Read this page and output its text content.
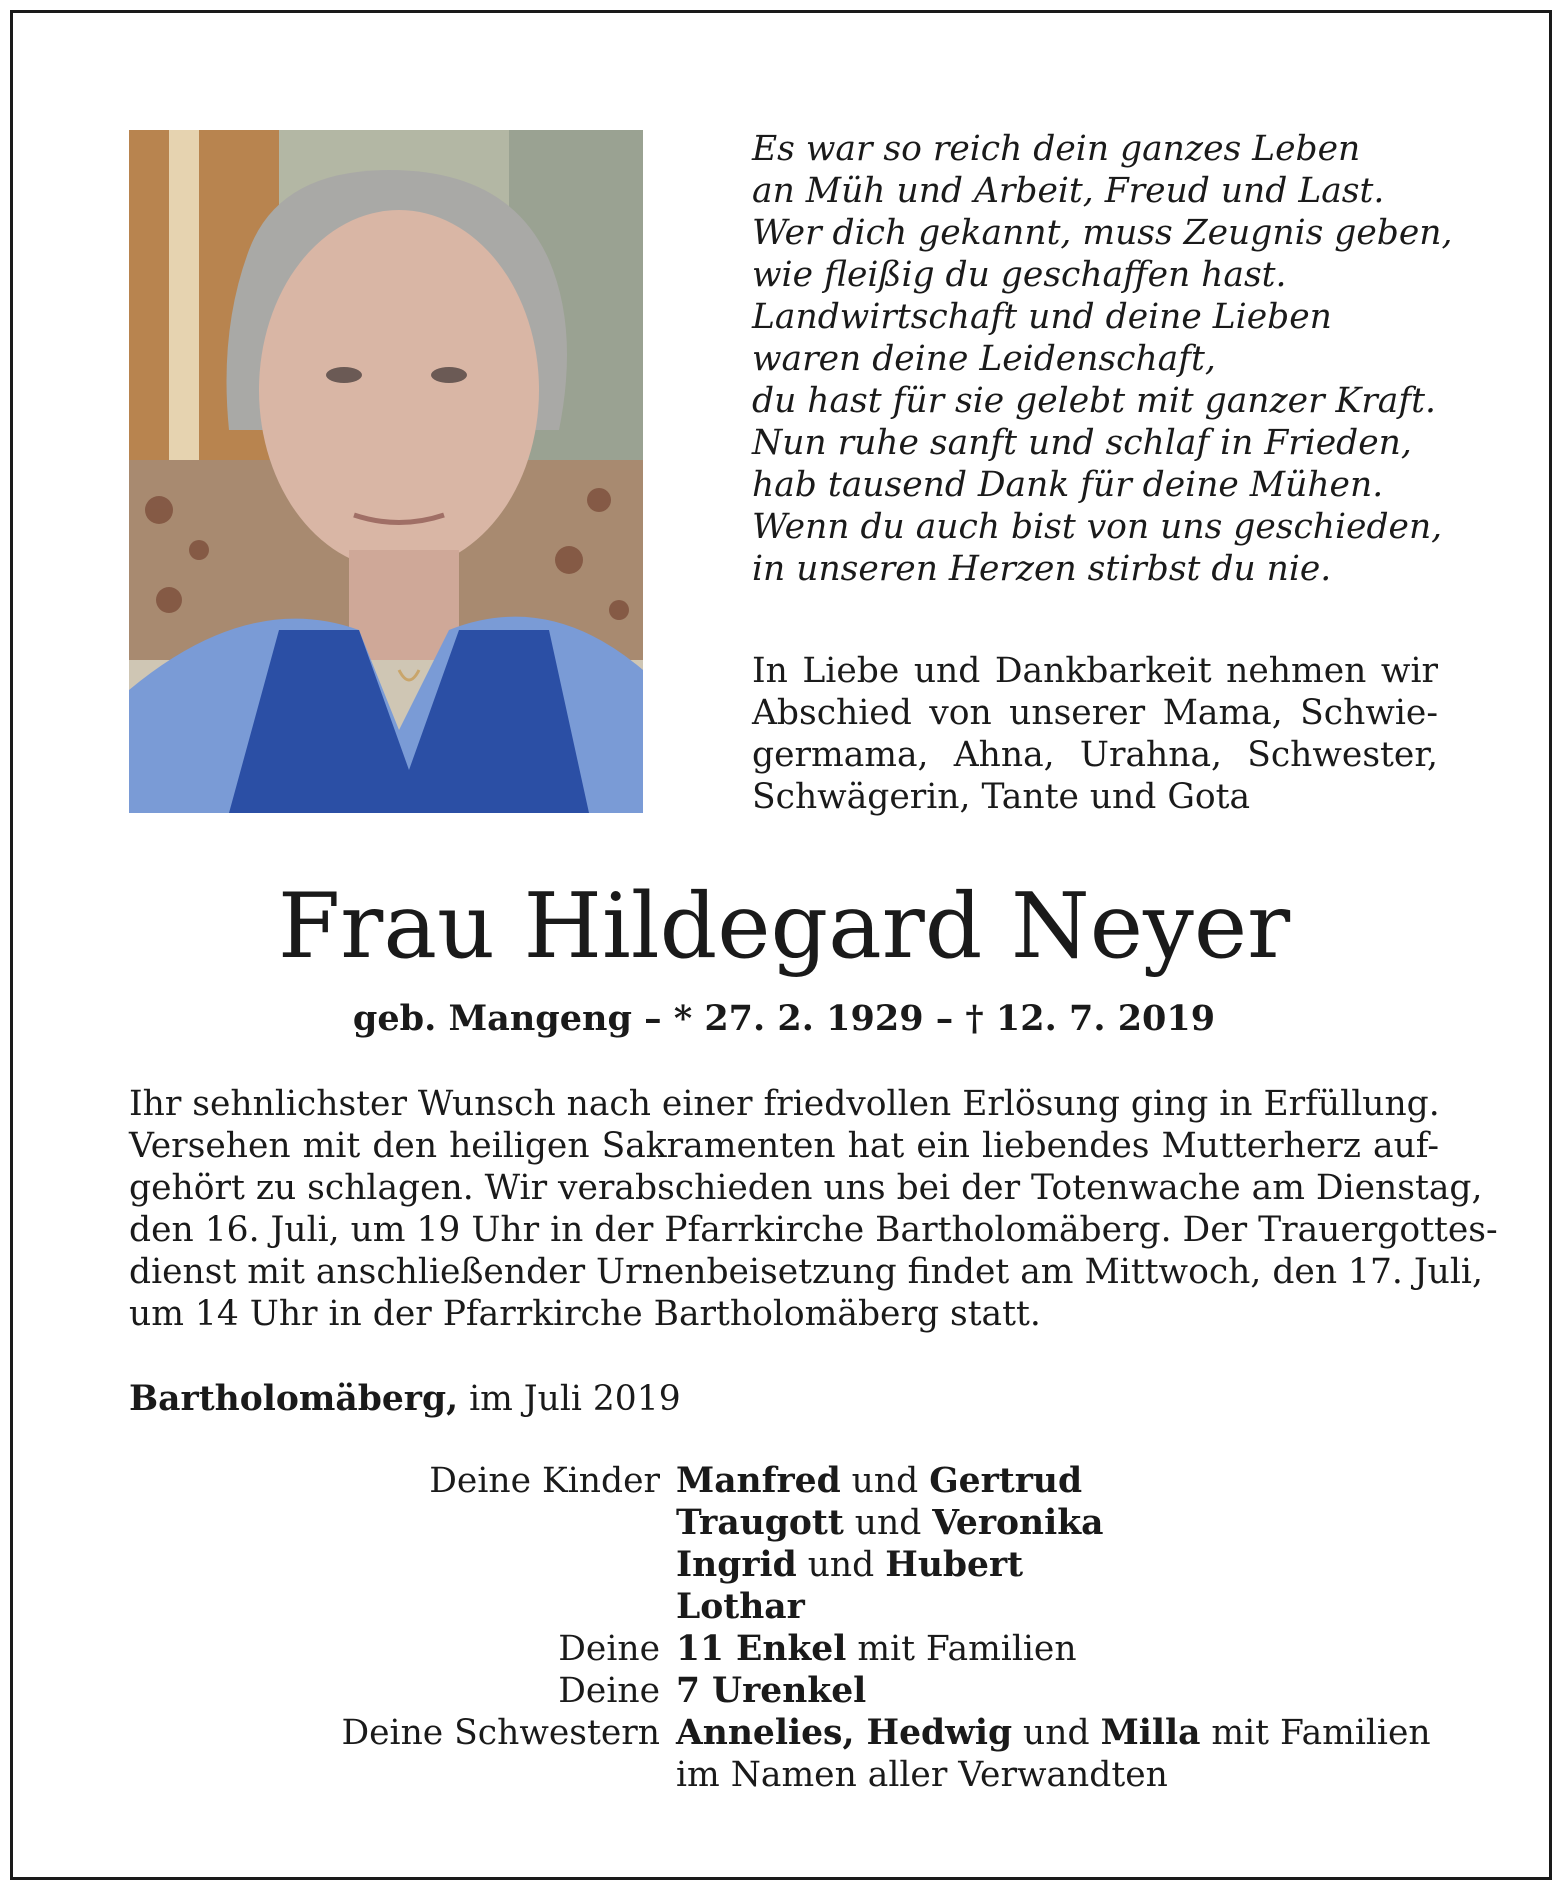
Es war so reich dein ganzes Leben
an Müh und Arbeit, Freud und Last.
Wer dich gekannt, muss Zeugnis geben,
wie fleißig du geschaffen hast.
Landwirtschaft und deine Lieben
waren deine Leidenschaft,
du hast für sie gelebt mit ganzer Kraft.
Nun ruhe sanft und schlaf in Frieden,
hab tausend Dank für deine Mühen.
Wenn du auch bist von uns geschieden,
in unseren Herzen stirbst du nie.
In Liebe und Dankbarkeit nehmen wir
Abschied von unserer Mama, Schwie-
germama, Ahna, Urahna, Schwester,
Schwägerin, Tante und Gota
Frau Hildegard Neyer
geb. Mangeng – * 27. 2. 1929 – † 12. 7. 2019
Ihr sehnlichster Wunsch nach einer friedvollen Erlösung ging in Erfüllung.
Versehen mit den heiligen Sakramenten hat ein liebendes Mutterherz auf-
gehört zu schlagen. Wir verabschieden uns bei der Totenwache am Dienstag,
den 16. Juli, um 19 Uhr in der Pfarrkirche Bartholomäberg. Der Trauergottes-
dienst mit anschließender Urnenbeisetzung findet am Mittwoch, den 17. Juli,
um 14 Uhr in der Pfarrkirche Bartholomäberg statt.
Bartholomäberg, im Juli 2019
Deine Kinder Manfred und Gertrud
Traugott und Veronika
Ingrid und Hubert
Lothar
Deine 11 Enkel mit Familien
Deine 7 Urenkel
Deine Schwestern Annelies, Hedwig und Milla mit Familien
im Namen aller Verwandten
